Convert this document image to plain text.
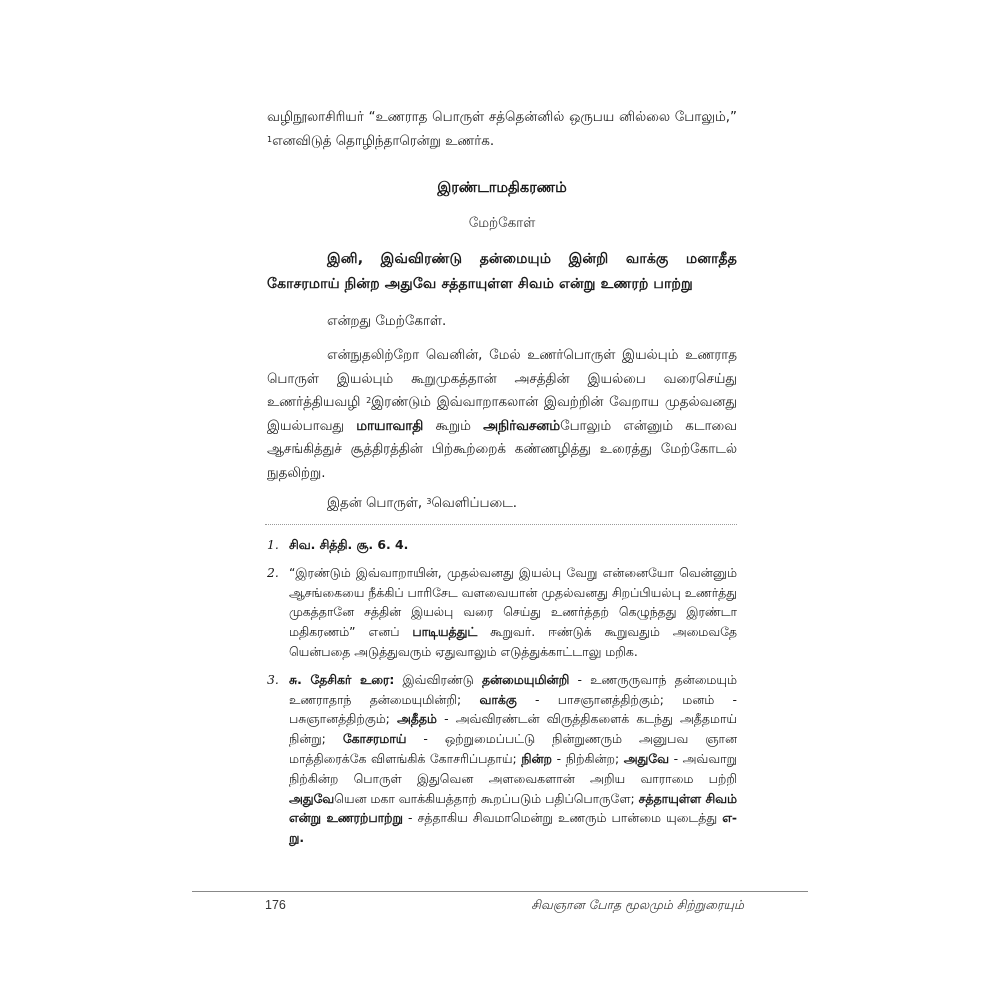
வழிநூலாசிரியர் “உணராத பொருள் சத்தென்னில் ஒருபய னில்லை போலும்,” $^1$எனவிடுத் தொழிந்தாரென்று உணர்க.

இரண்டாமதிகரணம்

மேற்கோள்

இனி, இவ்விரண்டு தன்மையும் இன்றி வாக்கு மனாதீத கோசரமாய் நின்ற அதுவே சத்தாயுள்ள சிவம் என்று உணரற் பாற்று

என்றது மேற்கோள்.

என்நுதலிற்றோ வெனின், மேல் உணர்பொருள் இயல்பும் உணராத பொருள் இயல்பும் கூறுமுகத்தான் அசத்தின் இயல்பை வரைசெய்து உணர்த்தியவழி $^2$இரண்டும் இவ்வாறாகலான் இவற்றின் வேறாய முதல்வனது இயல்பாவது மாயாவாதி கூறும் அநிர்வசனம்போலும் என்னும் கடாவை ஆசங்கித்துச் சூத்திரத்தின் பிற்கூற்றைக் கண்ணழித்து உரைத்து மேற்கோடல் நுதலிற்று.

இதன் பொருள், $^3$வெளிப்படை.

1. சிவ. சித்தி. சூ. 6. 4.
2. “இரண்டும் இவ்வாறாயின், முதல்வனது இயல்பு வேறு என்னையோ வென்னும் ஆசங்கையை நீக்கிப் பாரிசேட வளவையான் முதல்வனது சிறப்பியல்பு உணர்த்து முகத்தானே சத்தின் இயல்பு வரை செய்து உணர்த்தற் கெழுந்தது இரண்டா மதிகரணம்” எனப் பாடியத்துட் கூறுவர். ஈண்டுக் கூறுவதும் அமைவதே யென்பதை அடுத்துவரும் ஏதுவாலும் எடுத்துக்காட்டாலு மறிக.
3. சு. தேசிகர் உரை: இவ்விரண்டு தன்மையுமின்றி - உணருருவாந் தன்மையும் உணராதாந் தன்மையுமின்றி; வாக்கு - பாசஞானத்திற்கும்; மனம் - பசுஞானத்திற்கும்; அதீதம் - அவ்விரண்டன் விருத்திகளைக் கடந்து அதீதமாய் நின்று; கோசரமாய் - ஒற்றுமைப்பட்டு நின்றுணரும் அனுபவ ஞான மாத்திரைக்கே விளங்கிக் கோசரிப்பதாய்; நின்ற - நிற்கின்ற; அதுவே - அவ்வாறு நிற்கின்ற பொருள் இதுவென அளவைகளான் அறிய வாராமை பற்றி அதுவேயென மகா வாக்கியத்தாற் கூறப்படும் பதிப்பொருளே; சத்தாயுள்ள சிவம் என்று உணரற்பாற்று - சத்தாகிய சிவமாமென்று உணரும் பான்மை யுடைத்து எ-று.
176	சிவஞான போத மூலமும் சிற்றுரையும்
